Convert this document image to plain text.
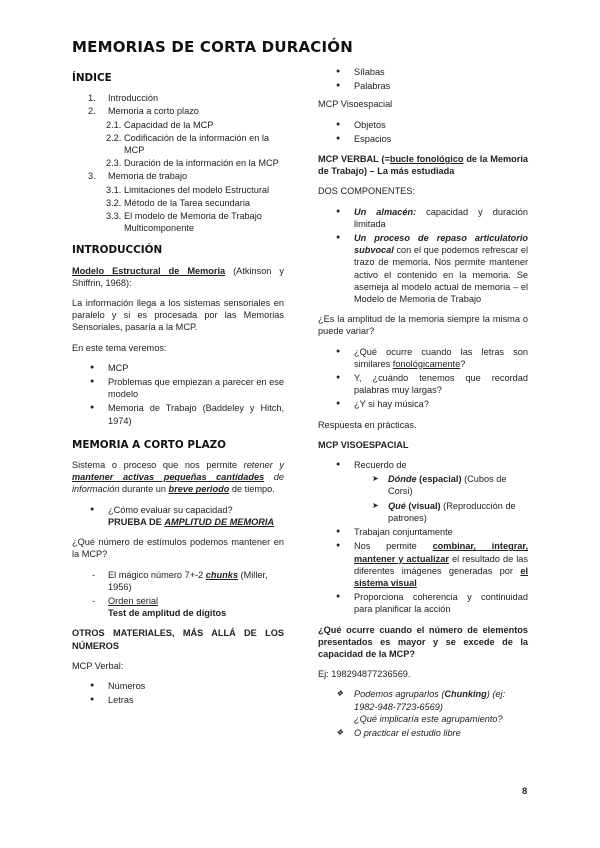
MEMORIAS DE CORTA DURACIÓN
ÍNDICE
1. Introducción
2. Memoria a corto plazo
2.1. Capacidad de la MCP
2.2. Codificación de la información en la MCP
2.3. Duración de la información en la MCP
3. Memoria de trabajo
3.1. Limitaciones del modelo Estructural
3.2. Método de la Tarea secundaria
3.3. El modelo de Memoria de Trabajo Multicomponente
INTRODUCCIÓN

Modelo Estructural de Memoria (Atkinson y Shiffrin, 1968):

La información llega a los sistemas sensoriales en paralelo y si es procesada por las Memorias Sensoriales, pasaría a la MCP.

En este tema veremos:

● MCP
● Problemas que empiezan a parecer en ese modelo
● Memoria de Trabajo (Baddeley y Hitch, 1974)
MEMORIA A CORTO PLAZO

Sistema o proceso que nos permite retener y mantener activas pequeñas cantidades de información durante un breve periodo de tiempo.

● ¿Cómo evaluar su capacidad?
PRUEBA DE AMPLITUD DE MEMORIA

¿Qué número de estímulos podemos mantener en la MCP?

- El mágico número 7+-2 chunks (Miller, 1956)
- Orden serial
Test de amplitud de dígitos

OTROS MATERIALES, MÁS ALLÁ DE LOS NÚMEROS

MCP Verbal:

● Números
● Letras
● Sílabas
● Palabras

MCP Visoespacial

● Objetos
● Espacios

MCP VERBAL (=bucle fonológico de la Memoria de Trabajo) – La más estudiada

DOS COMPONENTES:

● Un almacén: capacidad y duración limitada
● Un proceso de repaso articulatorio subvocal con el que podemos refrescar el trazo de memoria. Nos permite mantener activo el contenido en la memoria. Se asemeja al modelo actual de memoria – el Modelo de Memoria de Trabajo

¿Es la amplitud de la memoria siempre la misma o puede variar?

● ¿Qué ocurre cuando las letras son similares fonológicamente?
● Y, ¿cuándo tenemos que recordad palabras muy largas?
● ¿Y si hay música?

Respuesta en prácticas.

MCP VISOESPACIAL

● Recuerdo de
➤ Dónde (espacial) (Cubos de Corsi)
➤ Qué (visual) (Reproducción de patrones)
● Trabajan conjuntamente
● Nos permite combinar, integrar, mantener y actualizar el resultado de las diferentes imágenes generadas por el sistema visual
● Proporciona coherencia y continuidad para planificar la acción

¿Qué ocurre cuando el número de elementos presentados es mayor y se excede de la capacidad de la MCP?

Ej: 198294877236569.

❖ Podemos agruparlos (Chunking) (ej: 1982-948-7723-6569)
¿Qué implicaría este agrupamiento?
❖ O practicar el estudio libre
8
